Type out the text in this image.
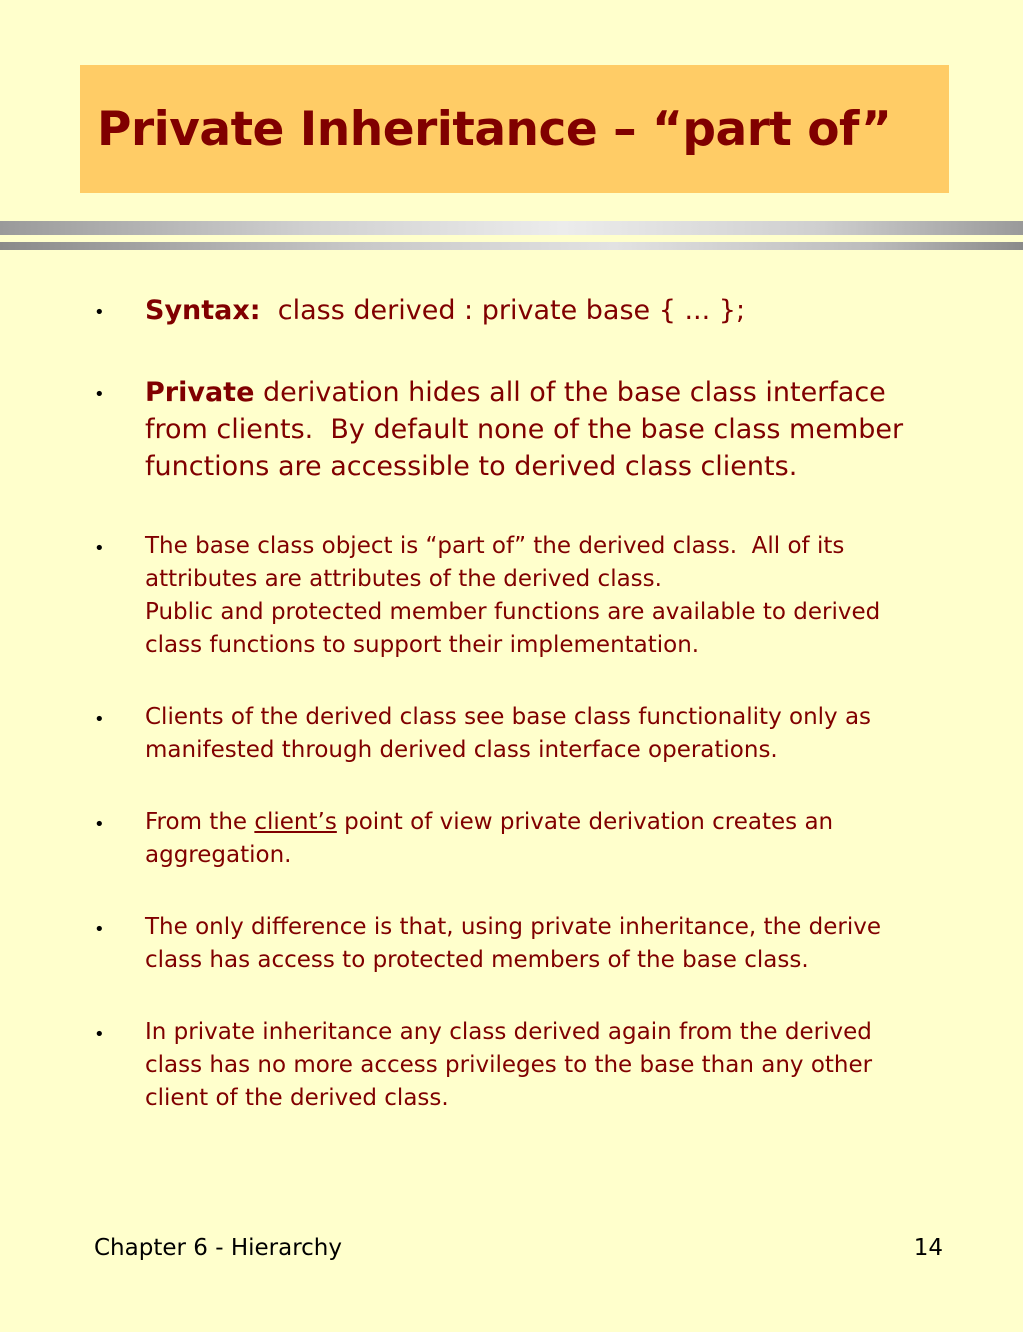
Private Inheritance – “part of”
• Syntax:  class derived : private base { ... };
• Private derivation hides all of the base class interface from clients.  By default none of the base class member functions are accessible to derived class clients.
• The base class object is “part of” the derived class.  All of its attributes are attributes of the derived class.
Public and protected member functions are available to derived class functions to support their implementation.
• Clients of the derived class see base class functionality only as manifested through derived class interface operations.
• From the client’s point of view private derivation creates an aggregation.
• The only difference is that, using private inheritance, the derive class has access to protected members of the base class.
• In private inheritance any class derived again from the derived class has no more access privileges to the base than any other client of the derived class.
Chapter 6 - Hierarchy	14
